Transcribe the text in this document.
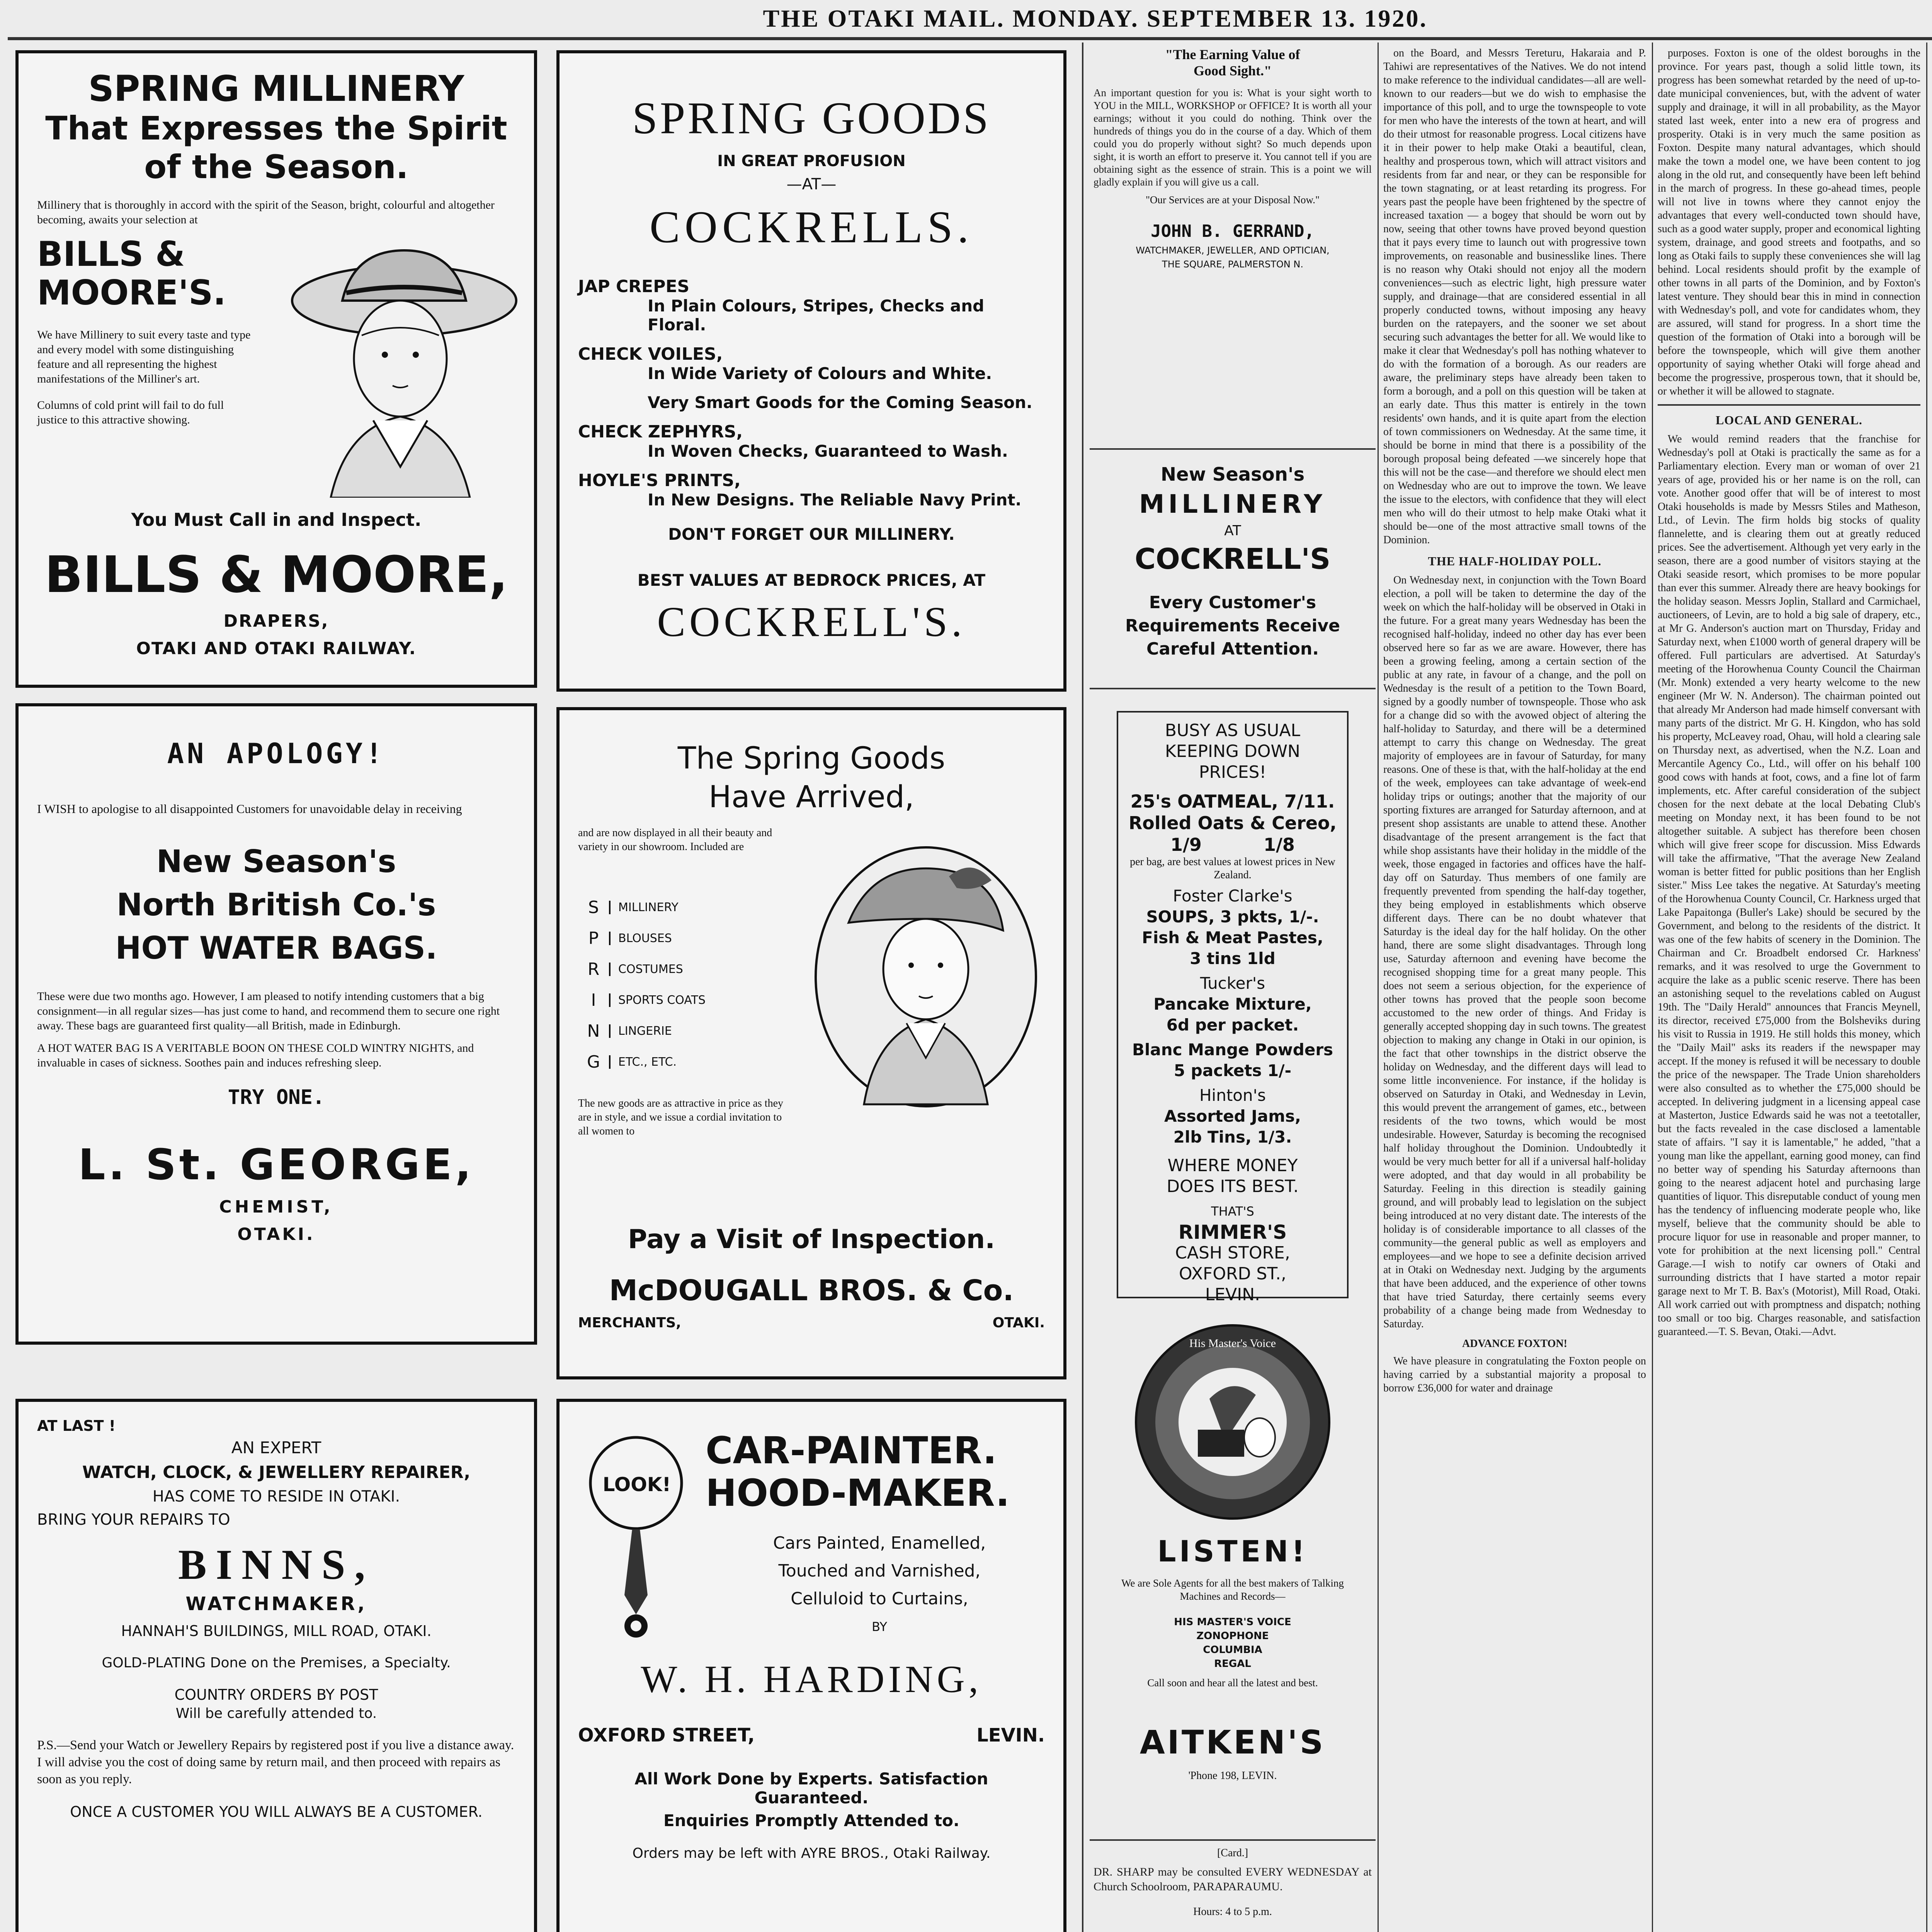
THE OTAKI MAIL. MONDAY. SEPTEMBER 13. 1920.
SPRING MILLINERY
That Expresses the Spirit
of the Season.
Millinery that is thoroughly in accord with the spirit of the Season, bright, colourful and altogether becoming, awaits your selection at
BILLS &
MOORE'S.
We have Millinery to suit every taste and type and every model with some distinguishing feature and all representing the highest manifestations of the Milliner's art.
Columns of cold print will fail to do full justice to this attractive showing.
You Must Call in and Inspect.
BILLS & MOORE,
DRAPERS,
OTAKI AND OTAKI RAILWAY.
AN APOLOGY!
I WISH to apologise to all disappointed Customers for unavoidable delay in receiving
New Season's
North British Co.'s
HOT WATER BAGS.
These were due two months ago. However, I am pleased to notify intending customers that a big consignment—in all regular sizes—has just come to hand, and recommend them to secure one right away. These bags are guaranteed first quality—all British, made in Edinburgh.
A HOT WATER BAG IS A VERITABLE BOON ON THESE COLD WINTRY NIGHTS, and invaluable in cases of sickness. Soothes pain and induces refreshing sleep.
TRY ONE.
L. St. GEORGE,
CHEMIST,
OTAKI.
AT LAST !
AN EXPERT
WATCH, CLOCK, & JEWELLERY REPAIRER,
HAS COME TO RESIDE IN OTAKI.
BRING YOUR REPAIRS TO
BINNS,
WATCHMAKER,
HANNAH'S BUILDINGS, MILL ROAD, OTAKI.
GOLD-PLATING Done on the Premises, a Specialty.
COUNTRY ORDERS BY POST
Will be carefully attended to.
P.S.—Send your Watch or Jewellery Repairs by registered post if you live a distance away. I will advise you the cost of doing same by return mail, and then proceed with repairs as soon as you reply.
ONCE A CUSTOMER YOU WILL ALWAYS BE A CUSTOMER.
SPRING GOODS
IN GREAT PROFUSION
—AT—
COCKRELLS.
JAP CREPES
In Plain Colours, Stripes, Checks and Floral.
CHECK VOILES,
In Wide Variety of Colours and White.
Very Smart Goods for the Coming Season.
CHECK ZEPHYRS,
In Woven Checks, Guaranteed to Wash.
HOYLE'S PRINTS,
In New Designs. The Reliable Navy Print.
DON'T FORGET OUR MILLINERY.
BEST VALUES AT BEDROCK PRICES, AT
COCKRELL'S.
The Spring Goods
Have Arrived,
and are now displayed in all their beauty and variety in our showroom. Included are
S	MILLINERY
P	BLOUSES
R	COSTUMES
I	SPORTS COATS
N	LINGERIE
G	ETC., ETC.
The new goods are as attractive in price as they are in style, and we issue a cordial invitation to all women to
Pay a Visit of Inspection.
McDOUGALL BROS. & Co.
MERCHANTS,	OTAKI.
LOOK!
CAR-PAINTER.
HOOD-MAKER.
Cars Painted, Enamelled,
Touched and Varnished,
Celluloid to Curtains,
BY
W. H. HARDING,
OXFORD STREET,	LEVIN.
All Work Done by Experts. Satisfaction Guaranteed.
Enquiries Promptly Attended to.
Orders may be left with AYRE BROS., Otaki Railway.
"The Earning Value of
Good Sight."
An important question for you is: What is your sight worth to YOU in the MILL, WORKSHOP or OFFICE? It is worth all your earnings; without it you could do nothing. Think over the hundreds of things you do in the course of a day. Which of them could you do properly without sight? So much depends upon sight, it is worth an effort to preserve it. You cannot tell if you are obtaining sight as the essence of strain. This is a point we will gladly explain if you will give us a call.
"Our Services are at your Disposal Now."
JOHN B. GERRAND,
WATCHMAKER, JEWELLER, AND OPTICIAN,
THE SQUARE, PALMERSTON N.
New Season's
MILLINERY
AT
COCKRELL'S
Every Customer's Requirements Receive Careful Attention.
BUSY AS USUAL
KEEPING DOWN
PRICES!
25's OATMEAL, 7/11.
Rolled Oats & Cereo,
1/9          1/8
per bag, are best values at lowest prices in New Zealand.
Foster Clarke's
SOUPS, 3 pkts, 1/-.
Fish & Meat Pastes,
3 tins 1ld
Tucker's
Pancake Mixture,
6d per packet.
Blanc Mange Powders
5 packets 1/-
Hinton's
Assorted Jams,
2lb Tins, 1/3.
WHERE MONEY
DOES ITS BEST.
THAT'S
RIMMER'S
CASH STORE,
OXFORD ST.,
LEVIN.
His Master's Voice
LISTEN!
We are Sole Agents for all the best makers of Talking Machines and Records—
HIS MASTER'S VOICE
ZONOPHONE
COLUMBIA
REGAL
Call soon and hear all the latest and best.
AITKEN'S
'Phone 198, LEVIN.
[Card.]
DR. SHARP may be consulted EVERY WEDNESDAY at Church Schoolroom, PARAPARAUMU.
Hours: 4 to 5 p.m.

on the Board, and Messrs Tereturu, Hakaraia and P. Tahiwi are representatives of the Natives. We do not intend to make reference to the individual candidates—all are well-known to our readers—but we do wish to emphasise the importance of this poll, and to urge the townspeople to vote for men who have the interests of the town at heart, and will do their utmost for reasonable progress. Local citizens have it in their power to help make Otaki a beautiful, clean, healthy and prosperous town, which will attract visitors and residents from far and near, or they can be responsible for the town stagnating, or at least retarding its progress. For years past the people have been frightened by the spectre of increased taxation — a bogey that should be worn out by now, seeing that other towns have proved beyond question that it pays every time to launch out with progressive town improvements, on reasonable and businesslike lines. There is no reason why Otaki should not enjoy all the modern conveniences—such as electric light, high pressure water supply, and drainage—that are considered essential in all properly conducted towns, without imposing any heavy burden on the ratepayers, and the sooner we set about securing such advantages the better for all. We would like to make it clear that Wednesday's poll has nothing whatever to do with the formation of a borough. As our readers are aware, the preliminary steps have already been taken to form a borough, and a poll on this question will be taken at an early date. Thus this matter is entirely in the town residents' own hands, and it is quite apart from the election of town commissioners on Wednesday. At the same time, it should be borne in mind that there is a possibility of the borough proposal being defeated —we sincerely hope that this will not be the case—and therefore we should elect men on Wednesday who are out to improve the town. We leave the issue to the electors, with confidence that they will elect men who will do their utmost to help make Otaki what it should be—one of the most attractive small towns of the Dominion.

THE HALF-HOLIDAY POLL.

On Wednesday next, in conjunction with the Town Board election, a poll will be taken to determine the day of the week on which the half-holiday will be observed in Otaki in the future. For a great many years Wednesday has been the recognised half-holiday, indeed no other day has ever been observed here so far as we are aware. However, there has been a growing feeling, among a certain section of the public at any rate, in favour of a change, and the poll on Wednesday is the result of a petition to the Town Board, signed by a goodly number of townspeople. Those who ask for a change did so with the avowed object of altering the half-holiday to Saturday, and there will be a determined attempt to carry this change on Wednesday. The great majority of employees are in favour of Saturday, for many reasons. One of these is that, with the half-holiday at the end of the week, employees can take advantage of week-end holiday trips or outings; another that the majority of our sporting fixtures are arranged for Saturday afternoon, and at present shop assistants are unable to attend these. Another disadvantage of the present arrangement is the fact that while shop assistants have their holiday in the middle of the week, those engaged in factories and offices have the half-day off on Saturday. Thus members of one family are frequently prevented from spending the half-day together, they being employed in establishments which observe different days. There can be no doubt whatever that Saturday is the ideal day for the half holiday. On the other hand, there are some slight disadvantages. Through long use, Saturday afternoon and evening have become the recognised shopping time for a great many people. This does not seem a serious objection, for the experience of other towns has proved that the people soon become accustomed to the new order of things. And Friday is generally accepted shopping day in such towns. The greatest objection to making any change in Otaki in our opinion, is the fact that other townships in the district observe the holiday on Wednesday, and the different days will lead to some little inconvenience. For instance, if the holiday is observed on Saturday in Otaki, and Wednesday in Levin, this would prevent the arrangement of games, etc., between residents of the two towns, which would be most undesirable. However, Saturday is becoming the recognised half holiday throughout the Dominion. Undoubtedly it would be very much better for all if a universal half-holiday were adopted, and that day would in all probability be Saturday. Feeling in this direction is steadily gaining ground, and will probably lead to legislation on the subject being introduced at no very distant date. The interests of the holiday is of considerable importance to all classes of the community—the general public as well as employers and employees—and we hope to see a definite decision arrived at in Otaki on Wednesday next. Judging by the arguments that have been adduced, and the experience of other towns that have tried Saturday, there certainly seems every probability of a change being made from Wednesday to Saturday.

ADVANCE FOXTON!

We have pleasure in congratulating the Foxton people on having carried by a substantial majority a proposal to borrow £36,000 for water and drainage

purposes. Foxton is one of the oldest boroughs in the province. For years past, though a solid little town, its progress has been somewhat retarded by the need of up-to-date municipal conveniences, but, with the advent of water supply and drainage, it will in all probability, as the Mayor stated last week, enter into a new era of progress and prosperity. Otaki is in very much the same position as Foxton. Despite many natural advantages, which should make the town a model one, we have been content to jog along in the old rut, and consequently have been left behind in the march of progress. In these go-ahead times, people will not live in towns where they cannot enjoy the advantages that every well-conducted town should have, such as a good water supply, proper and economical lighting system, drainage, and good streets and footpaths, and so long as Otaki fails to supply these conveniences she will lag behind. Local residents should profit by the example of other towns in all parts of the Dominion, and by Foxton's latest venture. They should bear this in mind in connection with Wednesday's poll, and vote for candidates whom, they are assured, will stand for progress. In a short time the question of the formation of Otaki into a borough will be before the townspeople, which will give them another opportunity of saying whether Otaki will forge ahead and become the progressive, prosperous town, that it should be, or whether it will be allowed to stagnate.

LOCAL AND GENERAL.

We would remind readers that the franchise for Wednesday's poll at Otaki is practically the same as for a Parliamentary election. Every man or woman of over 21 years of age, provided his or her name is on the roll, can vote. Another good offer that will be of interest to most Otaki households is made by Messrs Stiles and Matheson, Ltd., of Levin. The firm holds big stocks of quality flannelette, and is clearing them out at greatly reduced prices. See the advertisement. Although yet very early in the season, there are a good number of visitors staying at the Otaki seaside resort, which promises to be more popular than ever this summer. Already there are heavy bookings for the holiday season. Messrs Joplin, Stallard and Carmichael, auctioneers, of Levin, are to hold a big sale of drapery, etc., at Mr G. Anderson's auction mart on Thursday, Friday and Saturday next, when £1000 worth of general drapery will be offered. Full particulars are advertised. At Saturday's meeting of the Horowhenua County Council the Chairman (Mr. Monk) extended a very hearty welcome to the new engineer (Mr W. N. Anderson). The chairman pointed out that already Mr Anderson had made himself conversant with many parts of the district. Mr G. H. Kingdon, who has sold his property, McLeavey road, Ohau, will hold a clearing sale on Thursday next, as advertised, when the N.Z. Loan and Mercantile Agency Co., Ltd., will offer on his behalf 100 good cows with hands at foot, cows, and a fine lot of farm implements, etc. After careful consideration of the subject chosen for the next debate at the local Debating Club's meeting on Monday next, it has been found to be not altogether suitable. A subject has therefore been chosen which will give freer scope for discussion. Miss Edwards will take the affirmative, "That the average New Zealand woman is better fitted for public positions than her English sister." Miss Lee takes the negative. At Saturday's meeting of the Horowhenua County Council, Cr. Harkness urged that Lake Papaitonga (Buller's Lake) should be secured by the Government, and belong to the residents of the district. It was one of the few habits of scenery in the Dominion. The Chairman and Cr. Broadbelt endorsed Cr. Harkness' remarks, and it was resolved to urge the Government to acquire the lake as a public scenic reserve. There has been an astonishing sequel to the revelations cabled on August 19th. The "Daily Herald" announces that Francis Meynell, its director, received £75,000 from the Bolsheviks during his visit to Russia in 1919. He still holds this money, which the "Daily Mail" asks its readers if the newspaper may accept. If the money is refused it will be necessary to double the price of the newspaper. The Trade Union shareholders were also consulted as to whether the £75,000 should be accepted. In delivering judgment in a licensing appeal case at Masterton, Justice Edwards said he was not a teetotaller, but the facts revealed in the case disclosed a lamentable state of affairs. "I say it is lamentable," he added, "that a young man like the appellant, earning good money, can find no better way of spending his Saturday afternoons than going to the nearest adjacent hotel and purchasing large quantities of liquor. This disreputable conduct of young men has the tendency of influencing moderate people who, like myself, believe that the community should be able to procure liquor for use in reasonable and proper manner, to vote for prohibition at the next licensing poll." Central Garage.—I wish to notify car owners of Otaki and surrounding districts that I have started a motor repair garage next to Mr T. B. Bax's (Motorist), Mill Road, Otaki. All work carried out with promptness and dispatch; nothing too small or too big. Charges reasonable, and satisfaction guaranteed.—T. S. Bevan, Otaki.—Advt.
